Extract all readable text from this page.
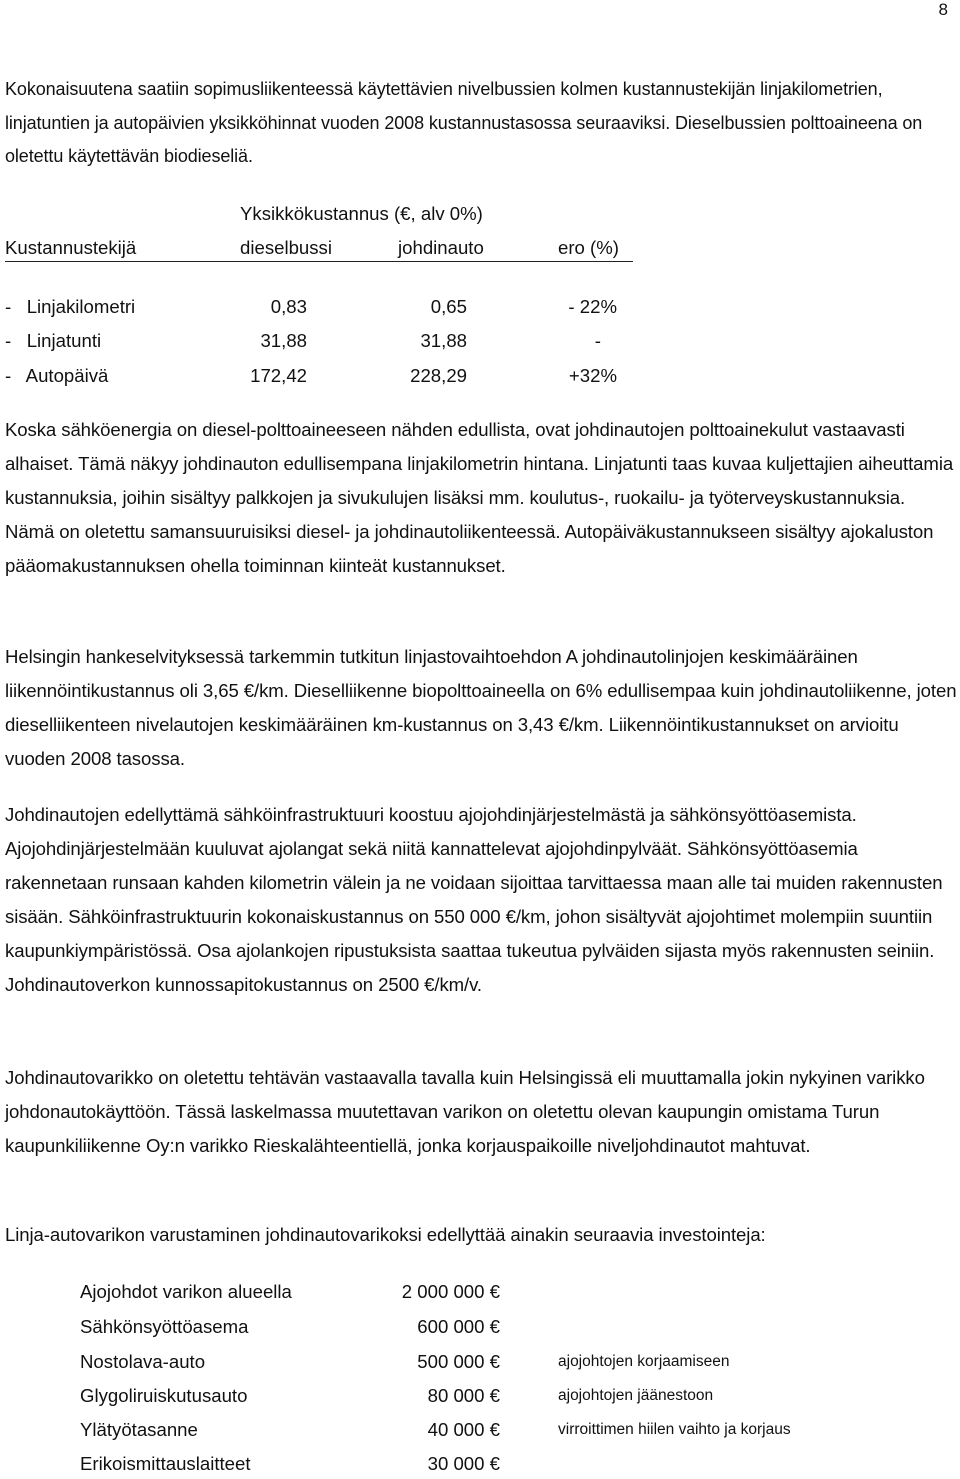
8

Kokonaisuutena saatiin sopimusliikenteessä käytettävien nivelbussien kolmen kustannustekijän linjakilometrien, linjatuntien ja autopäivien yksikköhinnat vuoden 2008 kustannustasossa seuraaviksi. Dieselbussien polttoaineena on oletettu käytettävän biodieseliä.

Yksikkökustannus (€, alv 0%)
Kustannustekijä	dieselbussi	johdinauto	ero (%)
-   Linjakilometri	0,83	0,65	- 22%
-   Linjatunti	31,88	31,88	-
-   Autopäivä	172,42	228,29	+32%

Koska sähköenergia on diesel-polttoaineeseen nähden edullista, ovat johdinautojen polttoainekulut vastaavasti alhaiset. Tämä näkyy johdinauton edullisempana linjakilometrin hintana. Linjatunti taas kuvaa kuljettajien aiheuttamia kustannuksia, joihin sisältyy palkkojen ja sivukulujen lisäksi mm. koulutus-, ruokailu- ja työterveyskustannuksia. Nämä on oletettu samansuuruisiksi diesel- ja johdinautoliikenteessä. Autopäiväkustannukseen sisältyy ajokaluston pääomakustannuksen ohella toiminnan kiinteät kustannukset.

Helsingin hankeselvityksessä tarkemmin tutkitun linjastovaihtoehdon A johdinautolinjojen keskimääräinen liikennöintikustannus oli 3,65 €/km. Dieselliikenne biopolttoaineella on 6% edullisempaa kuin johdinautoliikenne, joten dieselliikenteen nivelautojen keskimääräinen km-kustannus on 3,43 €/km. Liikennöintikustannukset on arvioitu vuoden 2008 tasossa.

Johdinautojen edellyttämä sähköinfrastruktuuri koostuu ajojohdinjärjestelmästä ja sähkönsyöttöasemista. Ajojohdinjärjestelmään kuuluvat ajolangat sekä niitä kannattelevat ajojohdinpylväät. Sähkönsyöttöasemia rakennetaan runsaan kahden kilometrin välein ja ne voidaan sijoittaa tarvittaessa maan alle tai muiden rakennusten sisään. Sähköinfrastruktuurin kokonaiskustannus on 550 000 €/km, johon sisältyvät ajojohtimet molempiin suuntiin kaupunkiympäristössä. Osa ajolankojen ripustuksista saattaa tukeutua pylväiden sijasta myös rakennusten seiniin. Johdinautoverkon kunnossapitokustannus on 2500 €/km/v.

Johdinautovarikko on oletettu tehtävän vastaavalla tavalla kuin Helsingissä eli muuttamalla jokin nykyinen varikko johdonautokäyttöön. Tässä laskelmassa muutettavan varikon on oletettu olevan kaupungin omistama Turun kaupunkiliikenne Oy:n varikko Rieskalähteentiellä, jonka korjauspaikoille niveljohdinautot mahtuvat.

Linja-autovarikon varustaminen johdinautovarikoksi edellyttää ainakin seuraavia investointeja:

Ajojohdot varikon alueella	2 000 000 €
Sähkönsyöttöasema	600 000 €
Nostolava-auto	500 000 €	ajojohtojen korjaamiseen
Glygoliruiskutusauto	80 000 €	ajojohtojen jäänestoon
Ylätyötasanne	40 000 €	virroittimen hiilen vaihto ja korjaus
Erikoismittauslaitteet	30 000 €
